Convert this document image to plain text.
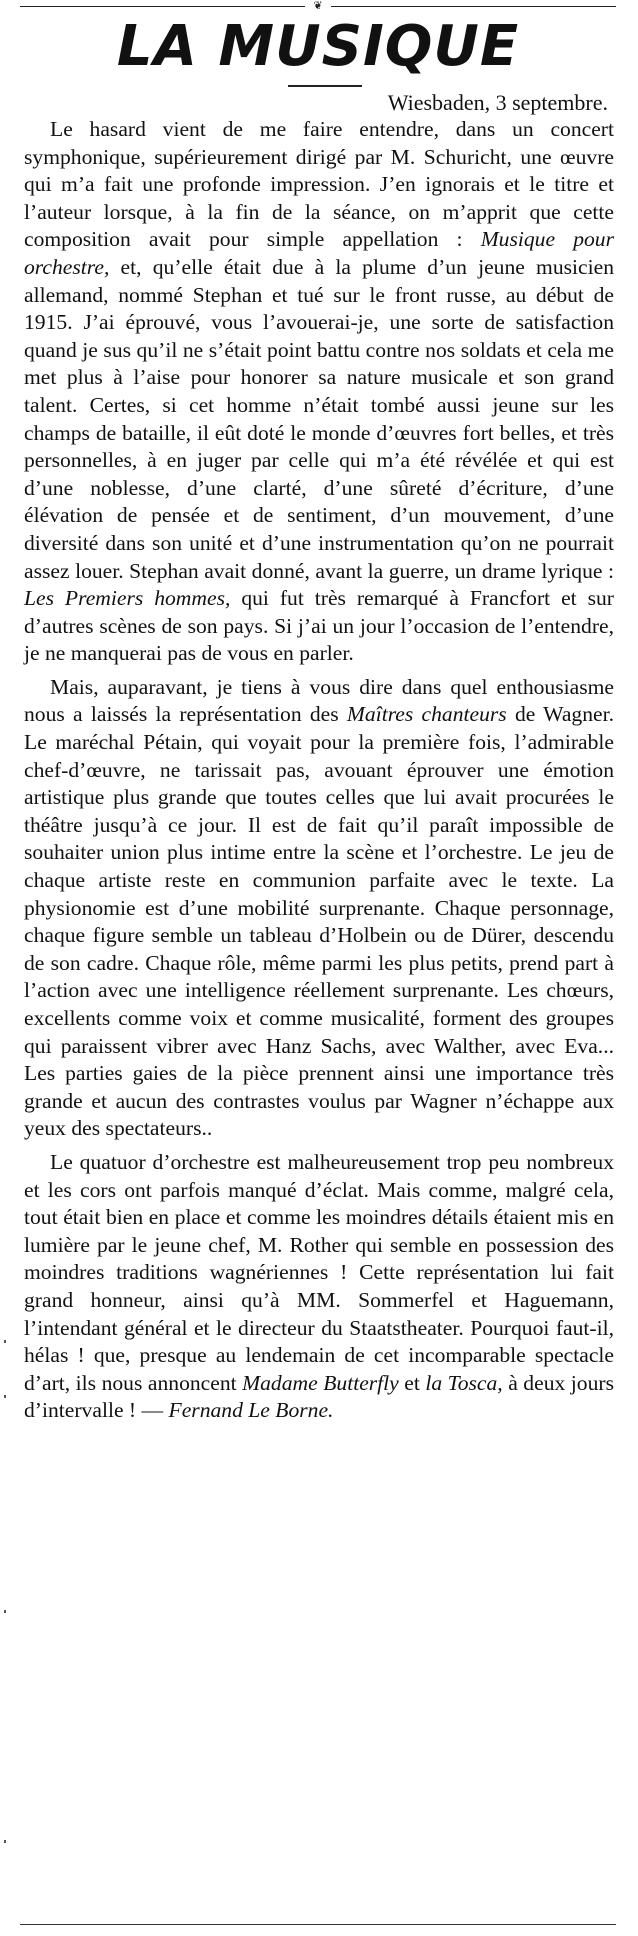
❦
LA MUSIQUE
Wiesbaden, 3 septembre.

Le hasard vient de me faire entendre, dans un concert symphonique, supérieurement dirigé par M. Schuricht, une œuvre qui m’a fait une profonde impression. J’en ignorais et le titre et l’auteur lorsque, à la fin de la séance, on m’apprit que cette composition avait pour simple appellation : Musique pour orchestre, et, qu’elle était due à la plume d’un jeune musicien allemand, nommé Stephan et tué sur le front russe, au début de 1915. J’ai éprouvé, vous l’avouerai-je, une sorte de satisfaction quand je sus qu’il ne s’était point battu contre nos soldats et cela me met plus à l’aise pour honorer sa nature musicale et son grand talent. Certes, si cet homme n’était tombé aussi jeune sur les champs de bataille, il eût doté le monde d’œuvres fort belles, et très personnelles, à en juger par celle qui m’a été révélée et qui est d’une noblesse, d’une clarté, d’une sûreté d’écriture, d’une élévation de pensée et de sentiment, d’un mouvement, d’une diversité dans son unité et d’une instrumentation qu’on ne pourrait assez louer. Stephan avait donné, avant la guerre, un drame lyrique : Les Premiers hommes, qui fut très remarqué à Francfort et sur d’autres scènes de son pays. Si j’ai un jour l’occasion de l’entendre, je ne manquerai pas de vous en parler.

Mais, auparavant, je tiens à vous dire dans quel enthousiasme nous a laissés la représentation des Maîtres chanteurs de Wagner. Le maréchal Pétain, qui voyait pour la première fois, l’admirable chef-d’œuvre, ne tarissait pas, avouant éprouver une émotion artistique plus grande que toutes celles que lui avait procurées le théâtre jusqu’à ce jour. Il est de fait qu’il paraît impossible de souhaiter union plus intime entre la scène et l’orchestre. Le jeu de chaque artiste reste en communion parfaite avec le texte. La physionomie est d’une mobilité surprenante. Chaque personnage, chaque figure semble un tableau d’Holbein ou de Dürer, descendu de son cadre. Chaque rôle, même parmi les plus petits, prend part à l’action avec une intelligence réellement surprenante. Les chœurs, excellents comme voix et comme musicalité, forment des groupes qui paraissent vibrer avec Hanz Sachs, avec Walther, avec Eva... Les parties gaies de la pièce prennent ainsi une importance très grande et aucun des contrastes voulus par Wagner n’échappe aux yeux des spectateurs..

Le quatuor d’orchestre est malheureusement trop peu nombreux et les cors ont parfois manqué d’éclat. Mais comme, malgré cela, tout était bien en place et comme les moindres détails étaient mis en lumière par le jeune chef, M. Rother qui semble en possession des moindres traditions wagnériennes ! Cette représentation lui fait grand honneur, ainsi qu’à MM. Sommerfel et Haguemann, l’intendant général et le directeur du Staatstheater. Pourquoi faut-il, hélas ! que, presque au lendemain de cet incomparable spectacle d’art, ils nous annoncent Madame Butterfly et la Tosca, à deux jours d’intervalle ! — Fernand Le Borne.
